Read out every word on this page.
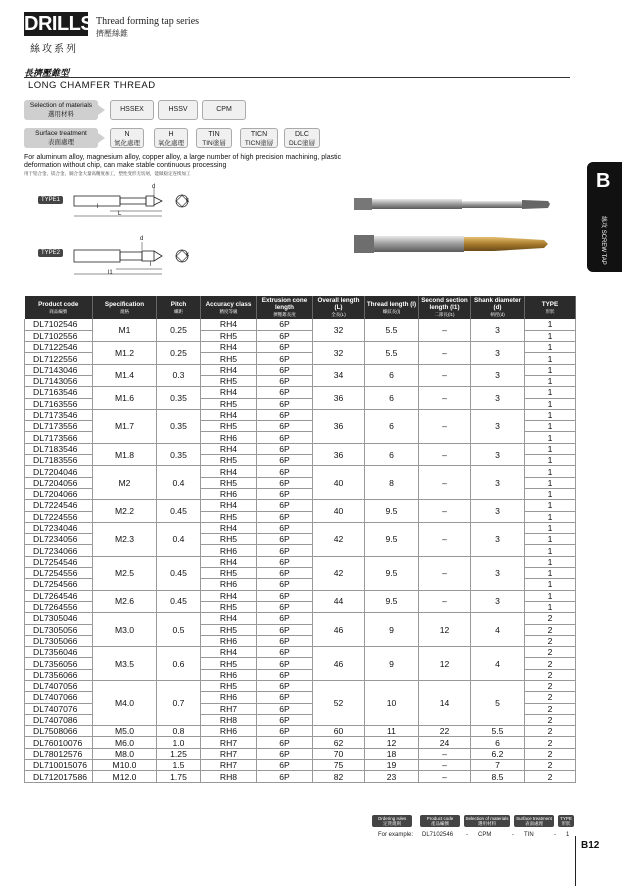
DRILLS Thread forming tap series
擠壓絲錐
絲攻系列
長擠壓錐型
LONG CHAMFER THREAD
Selection of materials
選用材料
HSSEX	HSSV	CPM
Surface treatment
表面處理
N
氮化處理
H
氧化處理
TIN
TIN塗層
TICN
TICN塗層
DLC
DLC塗層
For aluminum alloy, magnesium alloy, copper alloy, a large number of high precision machining, plastic deformation without chip, can make stable continuous processing
用于铝合金、镁合金、铜合金大量高精度加工，塑性变形无切屑，能做稳定连续加工
TYPE1
d
l
L
k
TYPE2
d
l
l1
k
B
絲攻 SCREW TAP
Product code
商品編號	Specification
規格	Pitch
螺距	Accuracy class
精度等級	Extrusion cone length
擠壓錐長度	Overall length (L)
全長(L)	Thread length (l)
螺紋長(l)	Second section length (l1)
二節長(l1)	Shank diameter (d)
柄徑(d)	TYPE
形狀

DL7102546	M1	0.25	RH4	6P	32	5.5	–	3	1
DL7102556			RH5	6P					1
DL7122546	M1.2	0.25	RH4	6P	32	5.5	–	3	1
DL7122556			RH5	6P					1
DL7143046	M1.4	0.3	RH4	6P	34	6	–	3	1
DL7143056			RH5	6P					1
DL7163546	M1.6	0.35	RH4	6P	36	6	–	3	1
DL7163556			RH5	6P					1
DL7173546	M1.7	0.35	RH4	6P	36	6	–	3	1
DL7173556			RH5	6P					1
DL7173566			RH6	6P					1
DL7183546	M1.8	0.35	RH4	6P	36	6	–	3	1
DL7183556			RH5	6P					1
DL7204046	M2	0.4	RH4	6P	40	8	–	3	1
DL7204056			RH5	6P					1
DL7204066			RH6	6P					1
DL7224546	M2.2	0.45	RH4	6P	40	9.5	–	3	1
DL7224556			RH5	6P					1
DL7234046	M2.3	0.4	RH4	6P	42	9.5	–	3	1
DL7234056			RH5	6P					1
DL7234066			RH6	6P					1
DL7254546	M2.5	0.45	RH4	6P	42	9.5	–	3	1
DL7254556			RH5	6P					1
DL7254566			RH6	6P					1
DL7264546	M2.6	0.45	RH4	6P	44	9.5	–	3	1
DL7264556			RH5	6P					1
DL7305046	M3.0	0.5	RH4	6P	46	9	12	4	2
DL7305056			RH5	6P					2
DL7305066			RH6	6P					2
DL7356046	M3.5	0.6	RH4	6P	46	9	12	4	2
DL7356056			RH5	6P					2
DL7356066			RH6	6P					2
DL7407056	M4.0	0.7	RH5	6P	52	10	14	5	2
DL7407066			RH6	6P					2
DL7407076			RH7	6P					2
DL7407086			RH8	6P					2
DL7508066	M5.0	0.8	RH6	6P	60	11	22	5.5	2
DL76010076	M6.0	1.0	RH7	6P	62	12	24	6	2
DL78012576	M8.0	1.25	RH7	6P	70	18	–	6.2	2
DL710015076	M10.0	1.5	RH7	6P	75	19	–	7	2
DL712017586	M12.0	1.75	RH8	6P	82	23	–	8.5	2
Ordering rules
定貨規則
Product code
產品編號
Selection of materials
選用材料
Surface treatment
表面處理
TYPE
形狀
For example: DL7102546 - CPM	- TIN	- 1
B12
